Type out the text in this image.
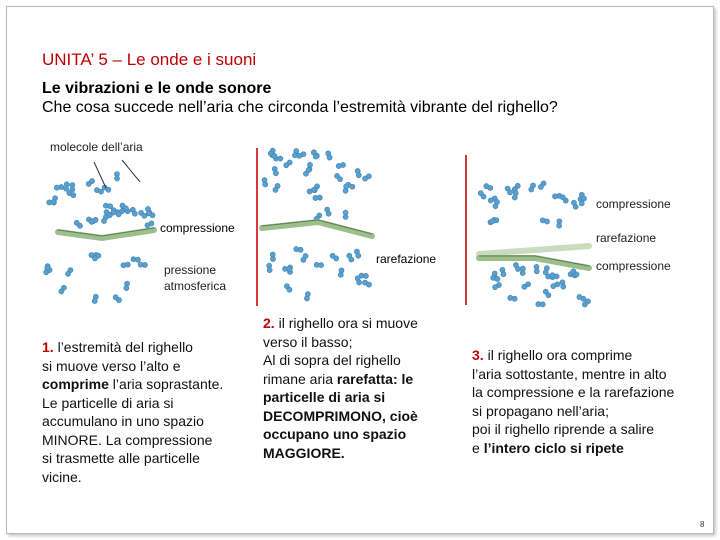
UNITA’ 5 – Le onde e i suoni
Le vibrazioni e le onde sonore
Che cosa succede nell’aria che circonda l’estremità vibrante del righello?
molecole dell’aria
compressione
pressione
atmosferica
rarefazione
compressione
rarefazione
compressione
1. l’estremità del righello
si muove verso l’alto e
comprime l’aria soprastante.
Le particelle di aria si
accumulano in uno spazio
MINORE. La compressione
si trasmette alle particelle
vicine.
2. il righello ora si muove
verso il basso;
Al di sopra del righello
rimane aria rarefatta: le
particelle di aria si
DECOMPRIMONO, cioè
occupano uno spazio
MAGGIORE.
3. il righello ora comprime
l’aria sottostante, mentre in alto
la compressione e la rarefazione
si propagano nell’aria;
poi il righello riprende a salire
e l’intero ciclo si ripete
8
